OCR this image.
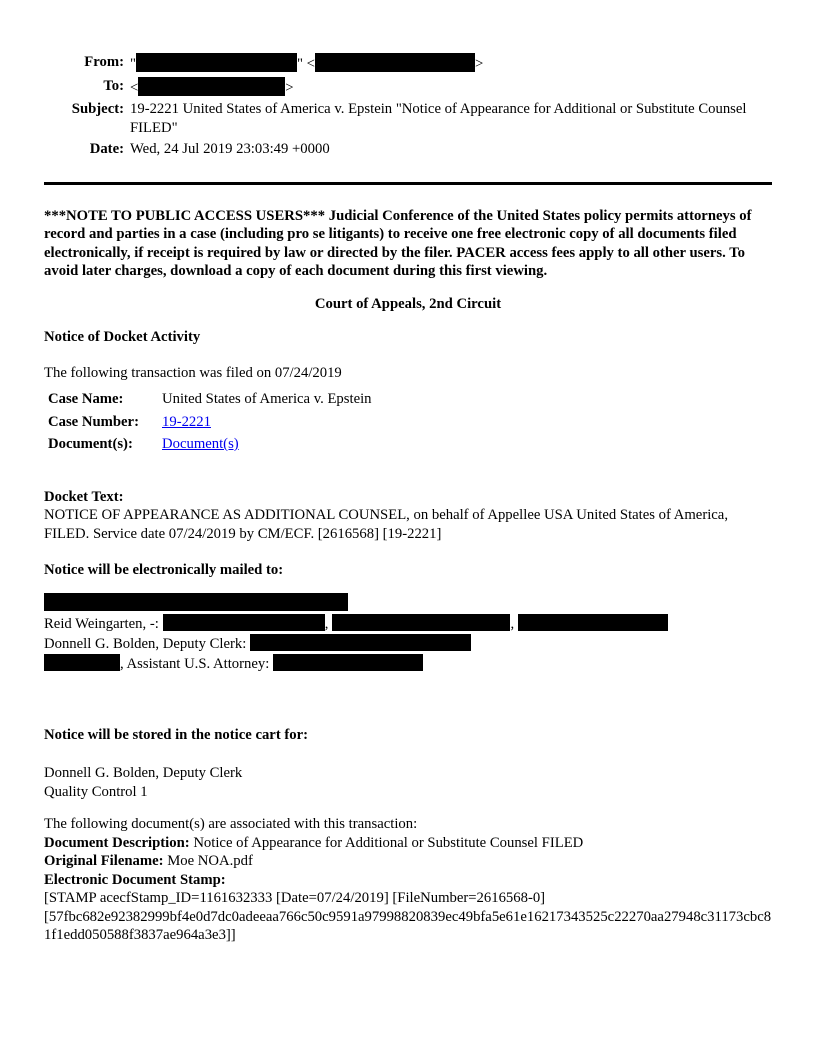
From: "	" <	>
To: <	>
Subject: 19-2221 United States of America v. Epstein "Notice of Appearance for Additional or Substitute Counsel FILED"
Date: Wed, 24 Jul 2019 23:03:49 +0000
***NOTE TO PUBLIC ACCESS USERS*** Judicial Conference of the United States policy permits attorneys of record and parties in a case (including pro se litigants) to receive one free electronic copy of all documents filed electronically, if receipt is required by law or directed by the filer. PACER access fees apply to all other users. To avoid later charges, download a copy of each document during this first viewing.
Court of Appeals, 2nd Circuit
Notice of Docket Activity
The following transaction was filed on 07/24/2019
Case Name:	United States of America v. Epstein
Case Number:	19-2221
Document(s):	Document(s)
Docket Text:
NOTICE OF APPEARANCE AS ADDITIONAL COUNSEL, on behalf of Appellee USA United States of America, FILED. Service date 07/24/2019 by CM/ECF. [2616568] [19-2221]
Notice will be electronically mailed to:
Reid Weingarten, -:	,	,
Donnell G. Bolden, Deputy Clerk:
, Assistant U.S. Attorney:
Notice will be stored in the notice cart for:
Donnell G. Bolden, Deputy Clerk
Quality Control 1
The following document(s) are associated with this transaction:
Document Description: Notice of Appearance for Additional or Substitute Counsel FILED
Original Filename: Moe NOA.pdf
Electronic Document Stamp:
[STAMP acecfStamp_ID=1161632333 [Date=07/24/2019] [FileNumber=2616568-0]
[57fbc682e92382999bf4e0d7dc0adeeaa766c50c9591a97998820839ec49bfa5e61e16217343525c22270aa27948c31173cbc81f1edd050588f3837ae964a3e3]]
